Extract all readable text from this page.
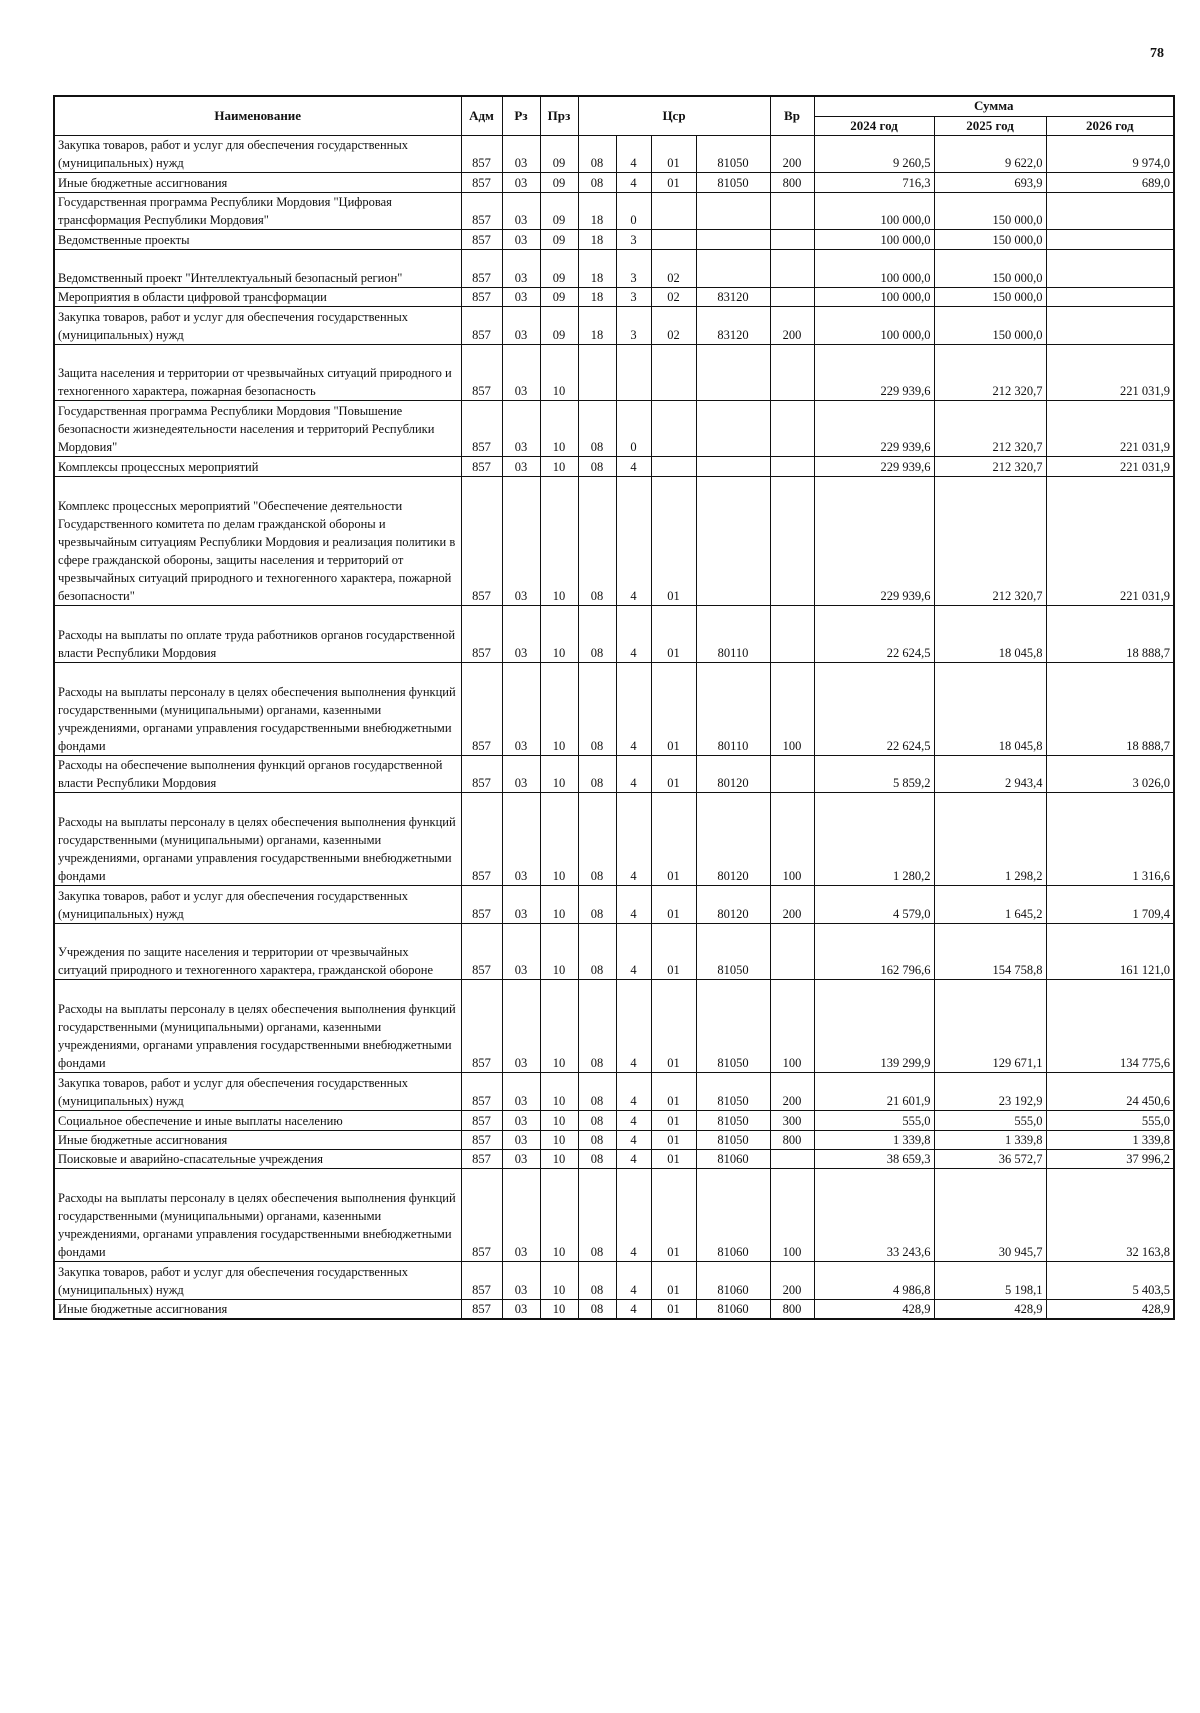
78
Наименование	Адм	Рз	Прз	Цср				Вр	Сумма		
									2024 год	2025 год	2026 год
Закупка товаров, работ и услуг для обеспечения государственных (муниципальных) нужд	857	03	09	08	4	01	81050	200	9 260,5	9 622,0	9 974,0
Иные бюджетные ассигнования	857	03	09	08	4	01	81050	800	716,3	693,9	689,0
Государственная программа Республики Мордовия "Цифровая трансформация Республики Мордовия"	857	03	09	18	0				100 000,0	150 000,0	
Ведомственные проекты	857	03	09	18	3				100 000,0	150 000,0	
Ведомственный проект "Интеллектуальный безопасный регион"	857	03	09	18	3	02			100 000,0	150 000,0	
Мероприятия в области цифровой трансформации	857	03	09	18	3	02	83120		100 000,0	150 000,0	
Закупка товаров, работ и услуг для обеспечения государственных (муниципальных) нужд	857	03	09	18	3	02	83120	200	100 000,0	150 000,0	
Защита населения и территории от чрезвычайных ситуаций природного и техногенного характера, пожарная безопасность	857	03	10						229 939,6	212 320,7	221 031,9
Государственная программа Республики Мордовия "Повышение безопасности жизнедеятельности населения и территорий Республики Мордовия"	857	03	10	08	0				229 939,6	212 320,7	221 031,9
Комплексы процессных мероприятий	857	03	10	08	4				229 939,6	212 320,7	221 031,9
Комплекс процессных мероприятий "Обеспечение деятельности Государственного комитета по делам гражданской обороны и чрезвычайным ситуациям Республики Мордовия и реализация политики в сфере гражданской обороны, защиты населения и территорий от чрезвычайных ситуаций природного и техногенного характера, пожарной безопасности"	857	03	10	08	4	01			229 939,6	212 320,7	221 031,9
Расходы на выплаты по оплате труда работников органов государственной власти Республики Мордовия	857	03	10	08	4	01	80110		22 624,5	18 045,8	18 888,7
Расходы на выплаты персоналу в целях обеспечения выполнения функций государственными (муниципальными) органами, казенными учреждениями, органами управления государственными внебюджетными фондами	857	03	10	08	4	01	80110	100	22 624,5	18 045,8	18 888,7
Расходы на обеспечение выполнения функций органов государственной власти Республики Мордовия	857	03	10	08	4	01	80120		5 859,2	2 943,4	3 026,0
Расходы на выплаты персоналу в целях обеспечения выполнения функций государственными (муниципальными) органами, казенными учреждениями, органами управления государственными внебюджетными фондами	857	03	10	08	4	01	80120	100	1 280,2	1 298,2	1 316,6
Закупка товаров, работ и услуг для обеспечения государственных (муниципальных) нужд	857	03	10	08	4	01	80120	200	4 579,0	1 645,2	1 709,4
Учреждения по защите населения и территории от чрезвычайных ситуаций природного и техногенного характера, гражданской обороне	857	03	10	08	4	01	81050		162 796,6	154 758,8	161 121,0
Расходы на выплаты персоналу в целях обеспечения выполнения функций государственными (муниципальными) органами, казенными учреждениями, органами управления государственными внебюджетными фондами	857	03	10	08	4	01	81050	100	139 299,9	129 671,1	134 775,6
Закупка товаров, работ и услуг для обеспечения государственных (муниципальных) нужд	857	03	10	08	4	01	81050	200	21 601,9	23 192,9	24 450,6
Социальное обеспечение и иные выплаты населению	857	03	10	08	4	01	81050	300	555,0	555,0	555,0
Иные бюджетные ассигнования	857	03	10	08	4	01	81050	800	1 339,8	1 339,8	1 339,8
Поисковые и аварийно-спасательные учреждения	857	03	10	08	4	01	81060		38 659,3	36 572,7	37 996,2
Расходы на выплаты персоналу в целях обеспечения выполнения функций государственными (муниципальными) органами, казенными учреждениями, органами управления государственными внебюджетными фондами	857	03	10	08	4	01	81060	100	33 243,6	30 945,7	32 163,8
Закупка товаров, работ и услуг для обеспечения государственных (муниципальных) нужд	857	03	10	08	4	01	81060	200	4 986,8	5 198,1	5 403,5
Иные бюджетные ассигнования	857	03	10	08	4	01	81060	800	428,9	428,9	428,9
